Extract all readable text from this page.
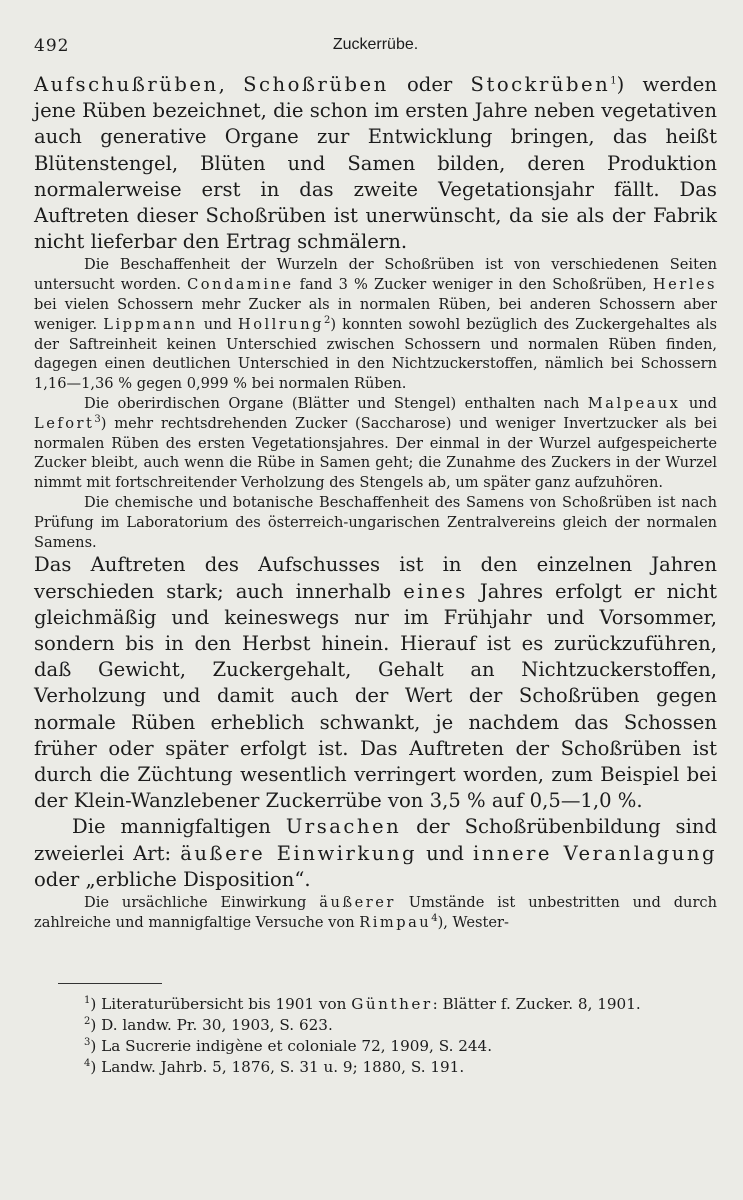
492	Zuckerrübe.

Aufschußrüben, Schoßrüben oder Stockrüben$^1$) werden jene Rüben bezeichnet, die schon im ersten Jahre neben vegetativen auch generative Organe zur Entwicklung bringen, das heißt Blütenstengel, Blüten und Samen bilden, deren Produktion normalerweise erst in das zweite Vegetationsjahr fällt. Das Auftreten dieser Schoßrüben ist unerwünscht, da sie als der Fabrik nicht lieferbar den Ertrag schmälern.

Die Beschaffenheit der Wurzeln der Schoßrüben ist von verschiedenen Seiten untersucht worden. Condamine fand 3 % Zucker weniger in den Schoßrüben, Herles bei vielen Schossern mehr Zucker als in normalen Rüben, bei anderen Schossern aber weniger. Lippmann und Hollrung$^2$) konnten sowohl bezüglich des Zuckergehaltes als der Saftreinheit keinen Unterschied zwischen Schossern und normalen Rüben finden, dagegen einen deutlichen Unterschied in den Nichtzuckerstoffen, nämlich bei Schossern 1,16—1,36 % gegen 0,999 % bei normalen Rüben.

Die oberirdischen Organe (Blätter und Stengel) enthalten nach Malpeaux und Lefort$^3$) mehr rechtsdrehenden Zucker (Saccharose) und weniger Invertzucker als bei normalen Rüben des ersten Vegetationsjahres. Der einmal in der Wurzel aufgespeicherte Zucker bleibt, auch wenn die Rübe in Samen geht; die Zunahme des Zuckers in der Wurzel nimmt mit fortschreitender Verholzung des Stengels ab, um später ganz aufzuhören.

Die chemische und botanische Beschaffenheit des Samens von Schoßrüben ist nach Prüfung im Laboratorium des österreich-ungarischen Zentralvereins gleich der normalen Samens.

Das Auftreten des Aufschusses ist in den einzelnen Jahren verschieden stark; auch innerhalb eines Jahres erfolgt er nicht gleichmäßig und keineswegs nur im Frühjahr und Vorsommer, sondern bis in den Herbst hinein. Hierauf ist es zurückzuführen, daß Gewicht, Zuckergehalt, Gehalt an Nichtzuckerstoffen, Verholzung und damit auch der Wert der Schoßrüben gegen normale Rüben erheblich schwankt, je nachdem das Schossen früher oder später erfolgt ist. Das Auftreten der Schoßrüben ist durch die Züchtung wesentlich verringert worden, zum Beispiel bei der Klein-Wanzlebener Zuckerrübe von 3,5 % auf 0,5—1,0 %.

Die mannigfaltigen Ursachen der Schoßrübenbildung sind zweierlei Art: äußere Einwirkung und innere Veranlagung oder „erbliche Disposition“.

Die ursächliche Einwirkung äußerer Umstände ist unbestritten und durch zahlreiche und mannigfaltige Versuche von Rimpau$^4$), Wester-

$^1$) Literaturübersicht bis 1901 von Günther: Blätter f. Zucker. 8, 1901.

$^2$) D. landw. Pr. 30, 1903, S. 623.

$^3$) La Sucrerie indigène et coloniale 72, 1909, S. 244.

$^4$) Landw. Jahrb. 5, 1876, S. 31 u. 9; 1880, S. 191.
